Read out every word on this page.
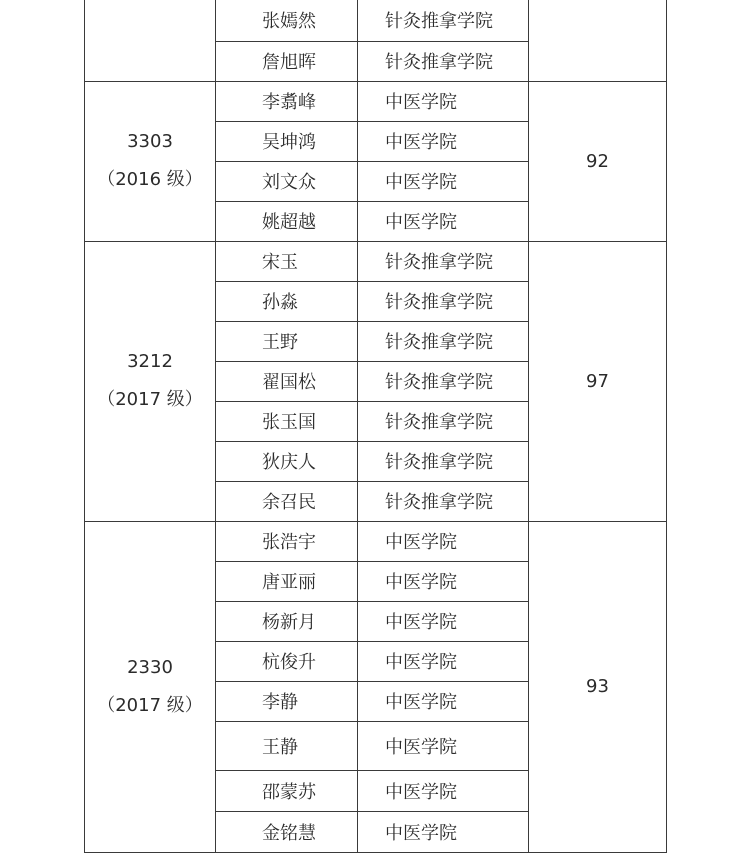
	张嫣然	针灸推拿学院	
	詹旭晖	针灸推拿学院	

3303
（2016 级）	李翥峰	中医学院	92
	吴坤鸿	中医学院	
	刘文众	中医学院	
	姚超越	中医学院	

3212
（2017 级）	宋玉	针灸推拿学院	97
	孙淼	针灸推拿学院	
	王野	针灸推拿学院	
	翟国松	针灸推拿学院	
	张玉国	针灸推拿学院	
	狄庆人	针灸推拿学院	
	余召民	针灸推拿学院	

2330
（2017 级）	张浩宇	中医学院	93
	唐亚丽	中医学院	
	杨新月	中医学院	
	杭俊升	中医学院	
	李静	中医学院	
	王静	中医学院	
	邵蒙苏	中医学院	
	金铭慧	中医学院	
